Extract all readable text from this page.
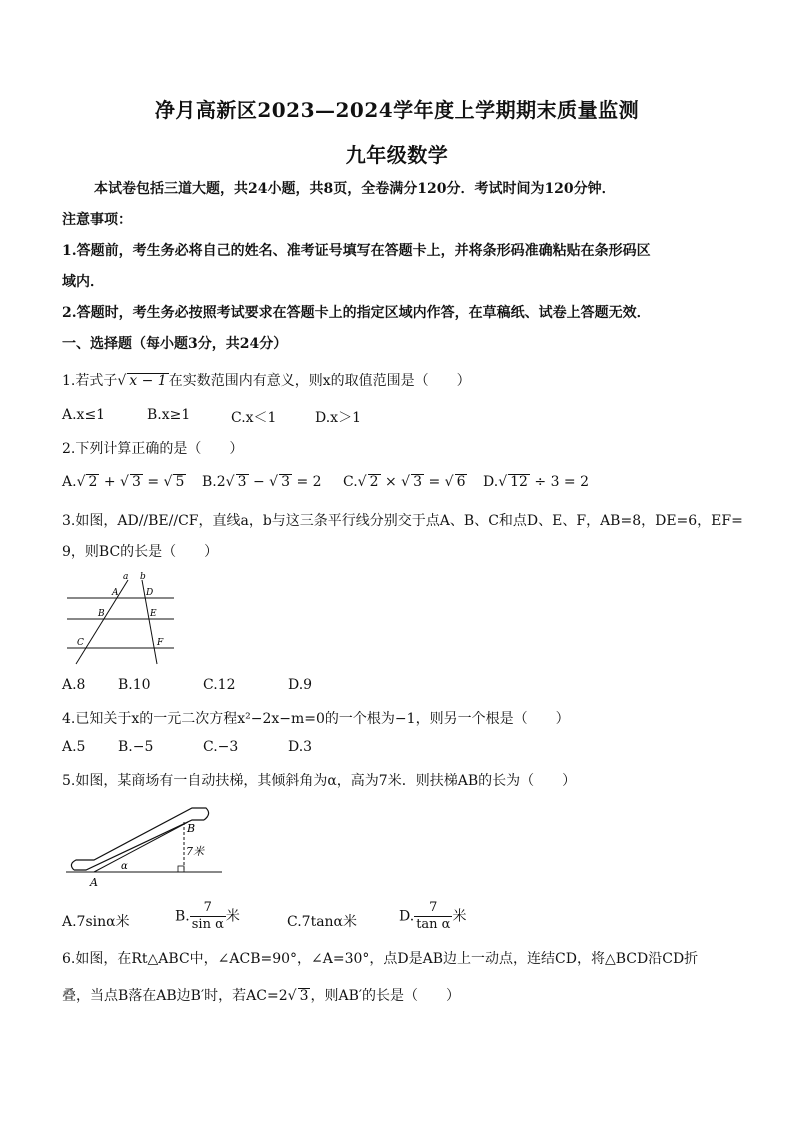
净月高新区2023—2024学年度上学期期末质量监测
九年级数学
本试卷包括三道大题，共24小题，共8页，全卷满分120分．考试时间为120分钟．
注意事项：
1.答题前，考生务必将自己的姓名、准考证号填写在答题卡上，并将条形码准确粘贴在条形码区
域内．
2.答题时，考生务必按照考试要求在答题卡上的指定区域内作答，在草稿纸、试卷上答题无效．
一、选择题（每小题3分，共24分）
1.若式子√ x − 1 在实数范围内有意义，则x的取值范围是（　　）
A.x≤1	B.x≥1	C.x＜1	D.x＞1
2.下列计算正确的是（　　）
A.√ 2 + √ 3 = √ 5 B.2√ 3 − √ 3 = 2 C.√ 2 × √ 3 = √ 6 D.√ 12 ÷ 3 = 2
3.如图，AD//BE//CF，直线a，b与这三条平行线分别交于点A、B、C和点D、E、F，AB=8，DE=6，EF=
9，则BC的长是（　　）
a b
A	D
B	E
C	F
A.8 B.10	C.12	D.9
4.已知关于x的一元二次方程x²−2x−m=0的一个根为−1，则另一个根是（　　）
A.5 B.−5	C.−3	D.3
5.如图，某商场有一自动扶梯，其倾斜角为α，高为7米．则扶梯AB的长为（　　）
A
B
α
7米
A.7sinα米	B. $\frac{7}{\text{sin α}}$ 米	C.7tanα米	D. $\frac{7}{\text{tan α}}$ 米
6.如图，在Rt△ABC中，∠ACB=90°，∠A=30°，点D是AB边上一动点，连结CD，将△BCD沿CD折
叠，当点B落在AB边B′时，若AC=2√ 3 ，则AB′的长是（　　）
